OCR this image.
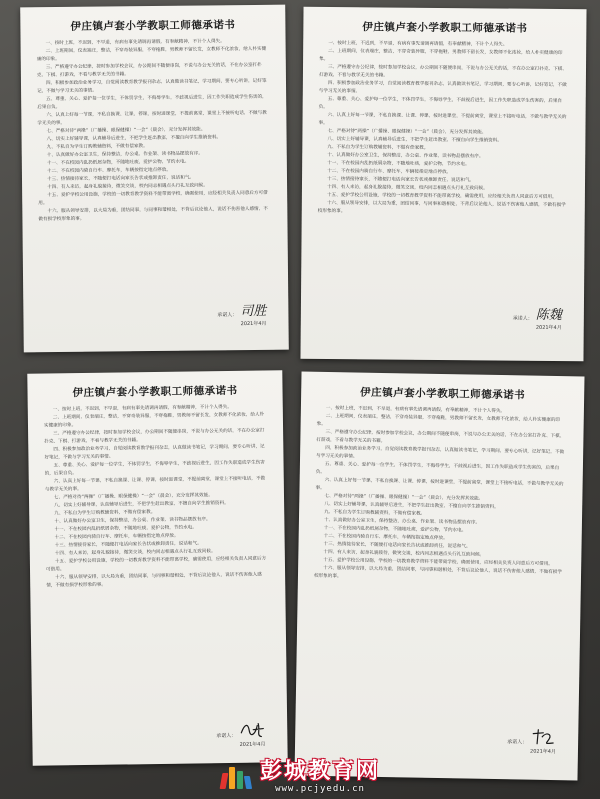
伊庄镇卢套小学教职工师德承诺书

一、按时上班，不迟到，不早退，有病有事先请调再请假，有奉献精神，不计个人得失。

二、上班期间，仪表端庄，整洁，不穿奇装异服，不穿拖鞋，男教师不留长发，女教师不化浓妆，给人朴实健康的印象。

三、严格遵守办公纪律，按时参加学校会议，办公期间不随便串岗，不说与办公无关的话，不在办公室打扑克、下棋、打游戏，不看与教学无关的书籍。

四、积极参加政治业务学习，自觉阅读教育教学报刊杂志，认真做读书笔记，学习期间，要专心听讲，记好笔记，不做与学习无关的事情。

五、尊重、关心、爱护每一位学生，不体罚学生，不侮辱学生，不歧视后进生，因工作失职造成学生伤害的，后果自负。

六、认真上好每一节课，不私自换课、让课、停课，按时进课堂，不提前离堂，课堂上不接听电话，不做与教学无关的事。

七、严格对待“两操”（广播操、眼保健操）“一会”（晨会），充分发挥其效能。

八、切实上好辅导课，认真辅导后进生，不把学生赶出教室，不擅自向学生推销资料。

九、不私自为学生订购教辅资料，不做有偿家教。

十、认真做好办公室卫生，保持整洁，办公桌、作业架、读书物品摆放有序。

十一、不在校园内乱扔纸屑杂物，不随地吐痰，爱护公物，节约水电。

十二、不在校园内骑自行车、摩托车，车辆按指定地点停放。

十三、热情接待家长，不随便打电话向家长告状或推卸责任，说话和气。

十四、有人来访，起身礼貌接待，微笑交谈，校内同志相遇点头行礼互致问候。

十五、爱护学校公用设施，学校的一切教育教学资料不能带离学校，确需使用，应经相关负责人同意后方可借用。

十六、服从领导安排，以大局为重，团结同事，与同事和谐相处，不背后议论他人，说话不伤害他人感情，不做有损学校形象的事。

承诺人： 司胜
2021年4月
伊庄镇卢套小学教职工师德承诺书

一、按时上班，不迟到，不早退，有病有事先请调再请假，有奉献精神，不计个人得失。

二、上班期间，仪表端庄，整洁，不穿奇装异服，不穿拖鞋，男教师不留长发，女教师不化浓妆，给人朴实健康的印象。

三、严格遵守办公纪律，按时参加学校会议，办公期间不随便串岗，不说与办公无关的话，不在办公室打扑克、下棋、打游戏，不看与教学无关的书籍。

四、积极参加政治业务学习，自觉阅读教育教学报刊杂志，认真做读书笔记，学习期间，要专心听讲，记好笔记，不做与学习无关的事情。

五、尊重、关心、爱护每一位学生，不体罚学生，不侮辱学生，不歧视后进生，因工作失职造成学生伤害的，后果自负。

六、认真上好每一节课，不私自换课、让课、停课，按时进课堂，不提前离堂，课堂上不接听电话，不做与教学无关的事。

七、严格对待“两操”（广播操、眼保健操）“一会”（晨会），充分发挥其效能。

八、切实上好辅导课，认真辅导后进生，不把学生赶出教室，不擅自向学生推销资料。

九、不私自为学生订购教辅资料，不做有偿家教。

十、认真做好办公室卫生，保持整洁，办公桌、作业架、读书物品摆放有序。

十一、不在校园内乱扔纸屑杂物，不随地吐痰，爱护公物，节约水电。

十二、不在校园内骑自行车、摩托车，车辆按指定地点停放。

十三、热情接待家长，不随便打电话向家长告状或推卸责任，说话和气。

十四、有人来访，起身礼貌接待，微笑交谈，校内同志相遇点头行礼互致问候。

十五、爱护学校公用设施，学校的一切教育教学资料不能带离学校，确需使用，应经相关负责人同意后方可借用。

十六、服从领导安排，以大局为重，团结同事，与同事和谐相处，不背后议论他人，说话不伤害他人感情，不做有损学校形象的事。

承诺人： 陈魏
2021年4月
伊庄镇卢套小学教职工师德承诺书

一、按时上班，不迟到，不早退，有病有事先请调再请假，有奉献精神，不计个人得失。

二、上班期间，仪表端庄，整洁，不穿奇装异服，不穿拖鞋，男教师不留长发，女教师不化浓妆，给人朴实健康的印象。

三、严格遵守办公纪律，按时参加学校会议，办公期间不随便串岗，不说与办公无关的话，不在办公室打扑克、下棋、打游戏，不看与教学无关的书籍。

四、积极参加政治业务学习，自觉阅读教育教学报刊杂志，认真做读书笔记，学习期间，要专心听讲，记好笔记，不做与学习无关的事情。

五、尊重、关心、爱护每一位学生，不体罚学生，不侮辱学生，不歧视后进生，因工作失职造成学生伤害的，后果自负。

六、认真上好每一节课，不私自换课、让课、停课，按时进课堂，不提前离堂，课堂上不接听电话，不做与教学无关的事。

七、严格对待“两操”（广播操、眼保健操）“一会”（晨会），充分发挥其效能。

八、切实上好辅导课，认真辅导后进生，不把学生赶出教室，不擅自向学生推销资料。

九、不私自为学生订购教辅资料，不做有偿家教。

十、认真做好办公室卫生，保持整洁，办公桌、作业架、读书物品摆放有序。

十一、不在校园内乱扔纸屑杂物，不随地吐痰，爱护公物，节约水电。

十二、不在校园内骑自行车、摩托车，车辆按指定地点停放。

十三、热情接待家长，不随便打电话向家长告状或推卸责任，说话和气。

十四、有人来访，起身礼貌接待，微笑交谈，校内同志相遇点头行礼互致问候。

十五、爱护学校公用设施，学校的一切教育教学资料不能带离学校，确需使用，应经相关负责人同意后方可借用。

十六、服从领导安排，以大局为重，团结同事，与同事和谐相处，不背后议论他人，说话不伤害他人感情，不做有损学校形象的事。

承诺人：
2021年4月
伊庄镇卢套小学教职工师德承诺书

一、按时上班，不迟到，不早退，有病有事先请调再请假，有奉献精神，不计个人得失。

二、上班期间，仪表端庄，整洁，不穿奇装异服，不穿拖鞋，男教师不留长发，女教师不化浓妆，给人朴实健康的印象。

三、严格遵守办公纪律，按时参加学校会议，办公期间不随便串岗，不说与办公无关的话，不在办公室打扑克、下棋、打游戏，不看与教学无关的书籍。

四、积极参加政治业务学习，自觉阅读教育教学报刊杂志，认真做读书笔记，学习期间，要专心听讲，记好笔记，不做与学习无关的事情。

五、尊重、关心、爱护每一位学生，不体罚学生，不侮辱学生，不歧视后进生，因工作失职造成学生伤害的，后果自负。

六、认真上好每一节课，不私自换课、让课、停课，按时进课堂，不提前离堂，课堂上不接听电话，不做与教学无关的事。

七、严格对待“两操”（广播操、眼保健操）“一会”（晨会），充分发挥其效能。

八、切实上好辅导课，认真辅导后进生，不把学生赶出教室，不擅自向学生推销资料。

九、不私自为学生订购教辅资料，不做有偿家教。

十、认真做好办公室卫生，保持整洁，办公桌、作业架、读书物品摆放有序。

十一、不在校园内乱扔纸屑杂物，不随地吐痰，爱护公物，节约水电。

十二、不在校园内骑自行车、摩托车，车辆按指定地点停放。

十三、热情接待家长，不随便打电话向家长告状或推卸责任，说话和气。

十四、有人来访，起身礼貌接待，微笑交谈，校内同志相遇点头行礼互致问候。

十五、爱护学校公用设施，学校的一切教育教学资料不能带离学校，确需使用，应经相关负责人同意后方可借用。

十六、服从领导安排，以大局为重，团结同事，与同事和谐相处，不背后议论他人，说话不伤害他人感情，不做有损学校形象的事。

承诺人：
2021年4月
彭城教育网
www.pcjyedu.cn
